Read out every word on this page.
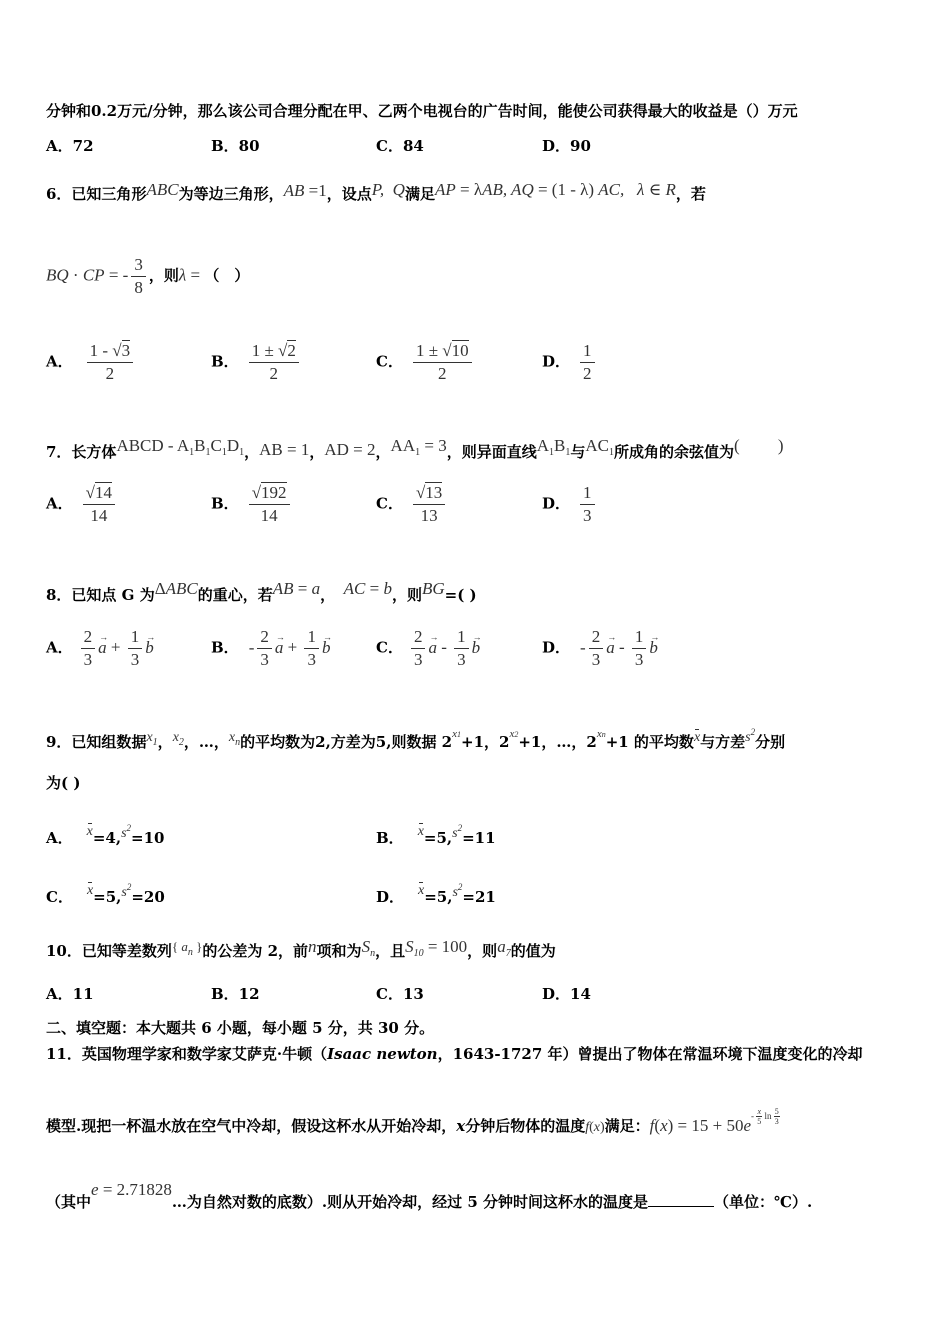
分钟和0.2万元/分钟，那么该公司合理分配在甲、乙两个电视台的广告时间，能使公司获得最大的收益是（）万元
A．72	B．80	C．84	D．90
6．已知三角形ABC为等边三角形，AB =1，设点P,  Q满足AP = λAB, AQ = (1 - λ) AC,   λ ∈ R，若
BQ · CP = - $\frac{3}{8}$ ，则λ = （　）
A． $\frac{1 - √3}{2}$	B． $\frac{1 \pm √2}{2}$	C． $\frac{1 \pm √10}{2}$	D． $\frac{1}{2}$
7．长方体ABCD - $A_1B_1C_1D_1$，AB = 1，AD = 2，$AA_1 = 3$，则异面直线$A_1B_1$与$AC_1$所成角的余弦值为(         )
A． $\frac{√14}{14}$	B． $\frac{√192}{14}$	C． $\frac{√13}{13}$	D． $\frac{1}{3}$
8．已知点 G 为ΔABC的重心，若AB = a，  AC = b，则BG=( )
A． $\frac{2}{3}$
→ $a + \frac{1}{3}$
→ b	B． - $\frac{2}{3}$
→ $a + \frac{1}{3}$
→ b	C． $\frac{2}{3}$
→ a - $\frac{1}{3}$
→ b	D． - $\frac{2}{3}$
→ a - $\frac{1}{3}$
→ b
9．已知组数据$x_1$，$x_2$，…，$x_n$的平均数为2,方差为5,则数据 $2^{x1}+1$，$2^{x2}+1$，…，$2^{xn}+1$ 的平均数x与方差$s^2$分别
为( )
A． $x=4,s^2=10$	B． $x=5,s^2=11$
C． $x=5,s^2=20$	D． $x=5,s^2=21$
10．已知等差数列{ $a_n$ }的公差为 2，前n项和为$S_n$，且$S_{10} = 100$，则$a_7$的值为
A．11	B．12	C．13	D．14
二、填空题：本大题共 6 小题，每小题 5 分，共 30 分。
11．英国物理学家和数学家艾萨克·牛顿（Isaac newton，1643-1727 年）曾提出了物体在常温环境下温度变化的冷却
模型.现把一杯温水放在空气中冷却，假设这杯水从开始冷却，x分钟后物体的温度f(x)满足：$f(x) = 15 + 50e^{- \frac{x}{5} ln \frac{5}{3}}$
（其中e = 2.71828…为自然对数的底数）.则从开始冷却，经过 5 分钟时间这杯水的温度是	（单位：℃）.
